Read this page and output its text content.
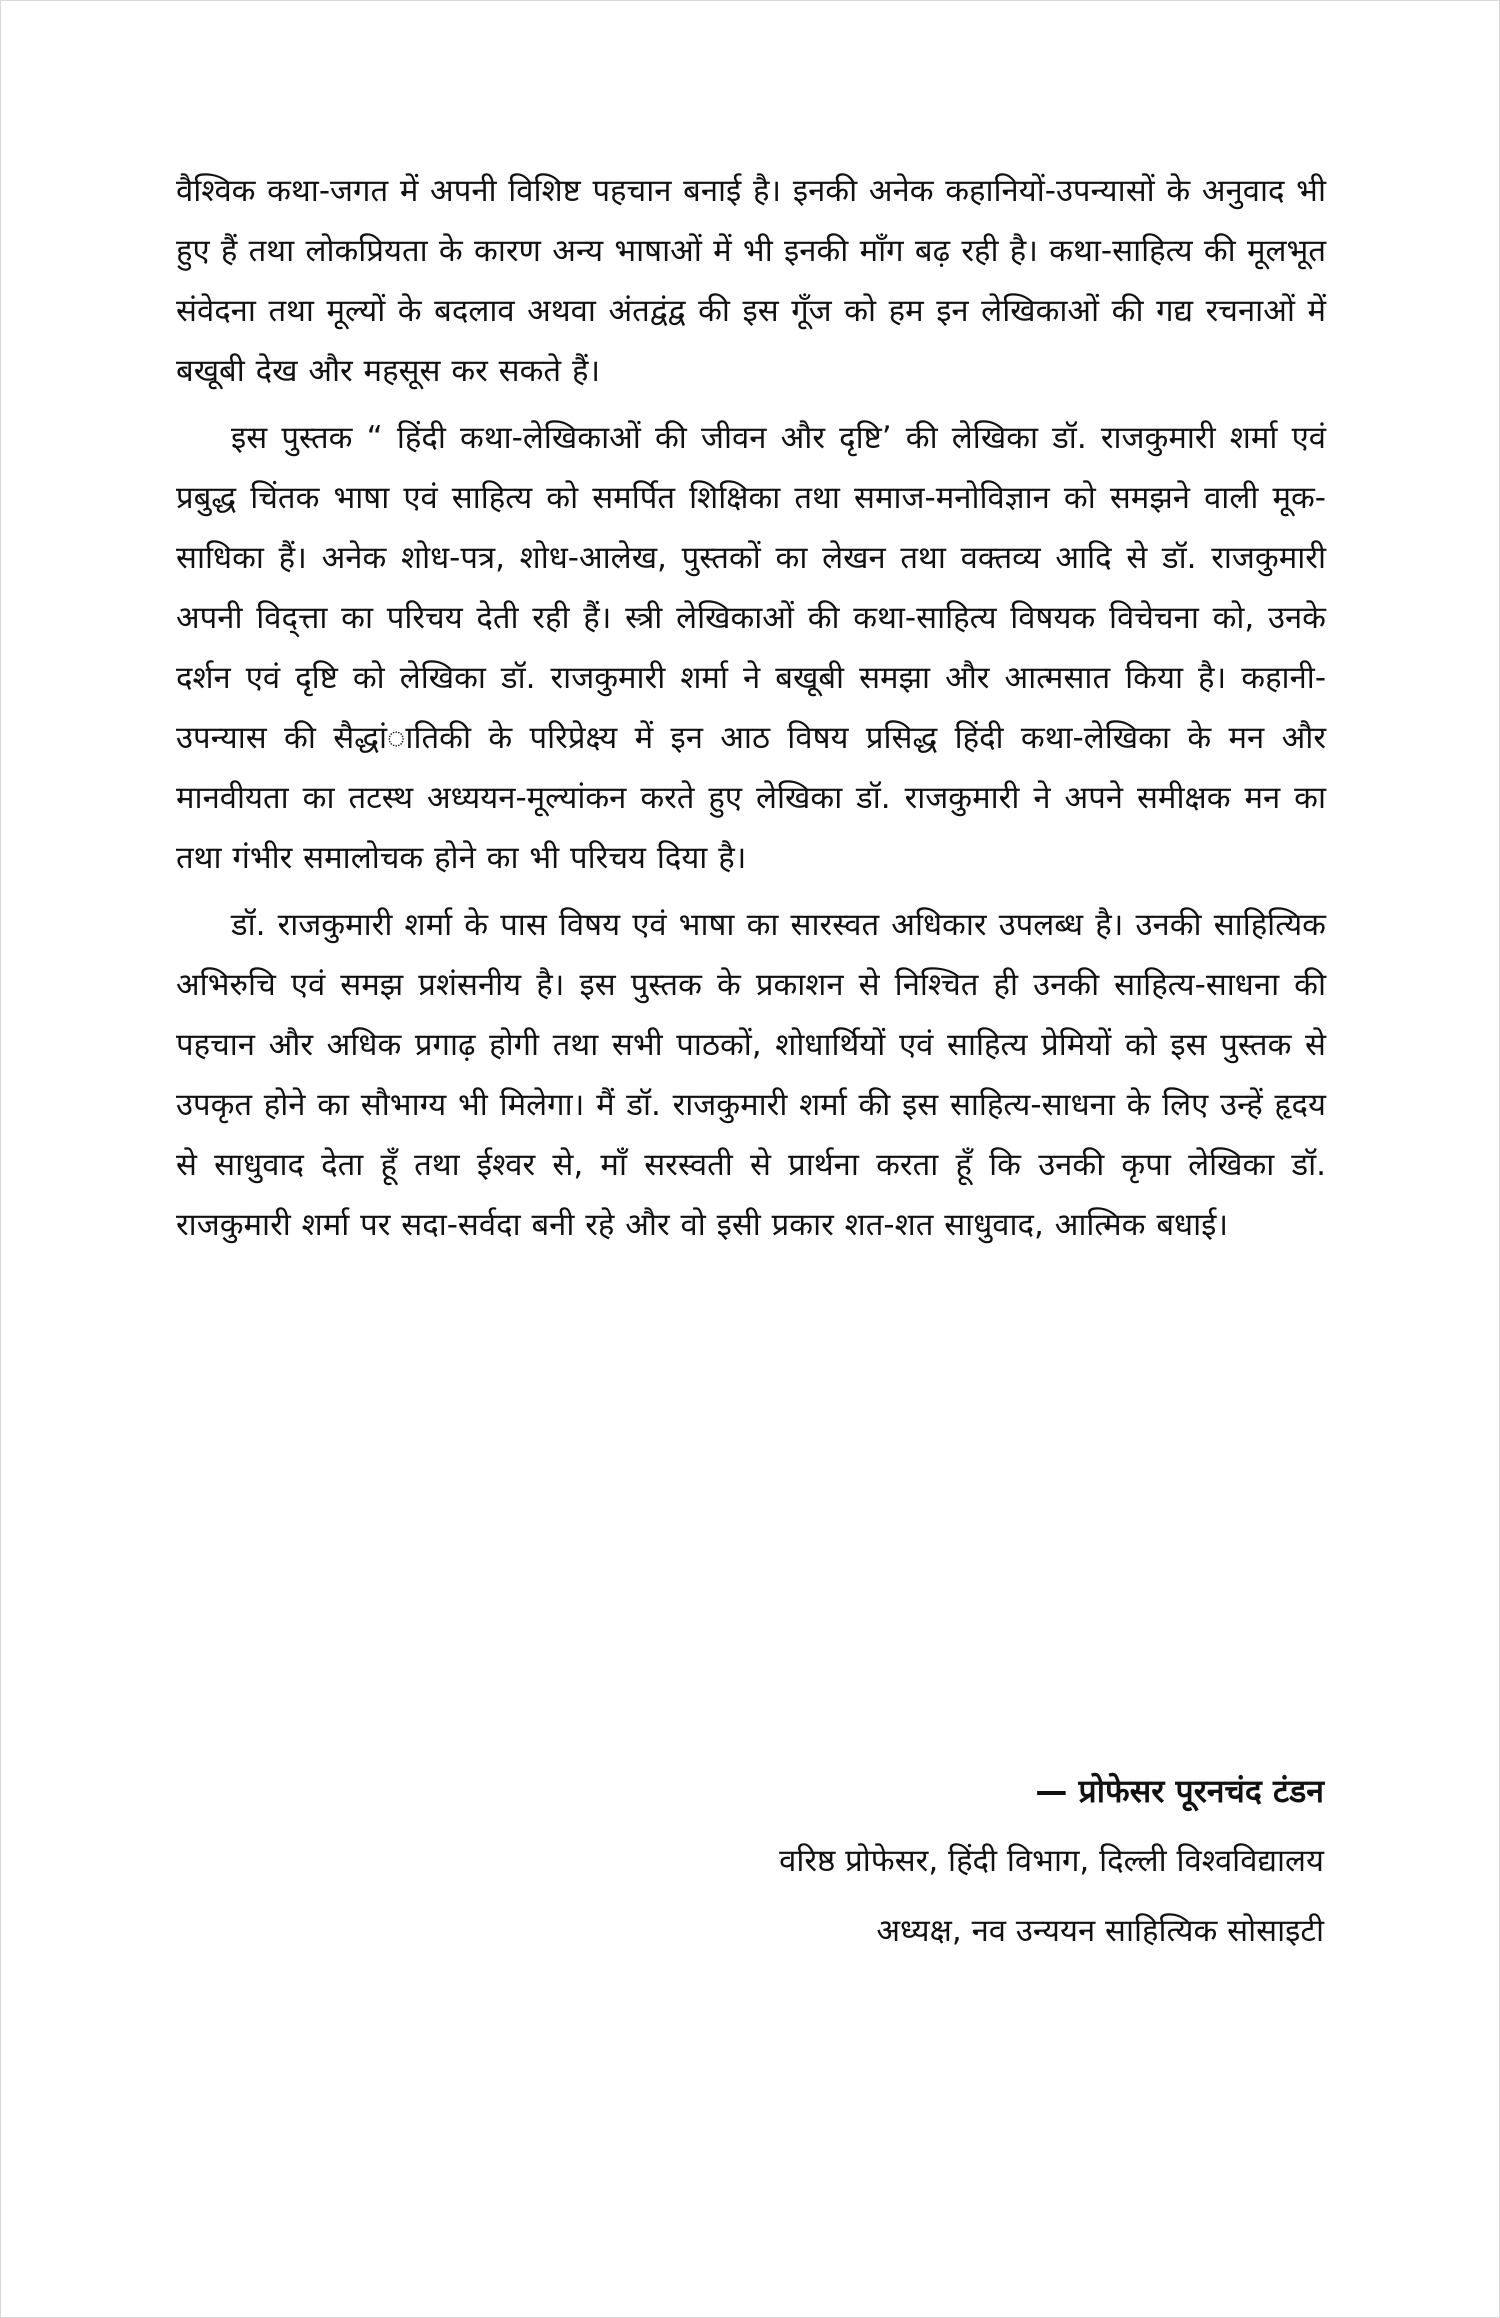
वैश्विक कथा-जगत में अपनी विशिष्ट पहचान बनाई है। इनकी अनेक कहानियों-उपन्यासों के अनुवाद भी हुए हैं तथा लोकप्रियता के कारण अन्य भाषाओं में भी इनकी माँग बढ़ रही है। कथा-साहित्य की मूलभूत संवेदना तथा मूल्यों के बदलाव अथवा अंतद्वंद्व की इस गूँज को हम इन लेखिकाओं की गद्य रचनाओं में बखूबी देख और महसूस कर सकते हैं।

इस पुस्तक “ हिंदी कथा-लेखिकाओं की जीवन और दृष्टि’ की लेखिका डॉ. राजकुमारी शर्मा एवं प्रबुद्ध चिंतक भाषा एवं साहित्य को समर्पित शिक्षिका तथा समाज-मनोविज्ञान को समझने वाली मूक-साधिका हैं। अनेक शोध-पत्र, शोध-आलेख, पुस्तकों का लेखन तथा वक्तव्य आदि से डॉ. राजकुमारी अपनी विद्त्ता का परिचय देती रही हैं। स्त्री लेखिकाओं की कथा-साहित्य विषयक विचेचना को, उनके दर्शन एवं दृष्टि को लेखिका डॉ. राजकुमारी शर्मा ने बखूबी समझा और आत्मसात किया है। कहानी-उपन्यास की सैद्धांातिकी के परिप्रेक्ष्य में इन आठ विषय प्रसिद्ध हिंदी कथा-लेखिका के मन और मानवीयता का तटस्थ अध्ययन-मूल्यांकन करते हुए लेखिका डॉ. राजकुमारी ने अपने समीक्षक मन का तथा गंभीर समालोचक होने का भी परिचय दिया है।

डॉ. राजकुमारी शर्मा के पास विषय एवं भाषा का सारस्वत अधिकार उपलब्ध है। उनकी साहित्यिक अभिरुचि एवं समझ प्रशंसनीय है। इस पुस्तक के प्रकाशन से निश्चित ही उनकी साहित्य-साधना की पहचान और अधिक प्रगाढ़ होगी तथा सभी पाठकों, शोधार्थियों एवं साहित्य प्रेमियों को इस पुस्तक से उपकृत होने का सौभाग्य भी मिलेगा। मैं डॉ. राजकुमारी शर्मा की इस साहित्य-साधना के लिए उन्हें हृदय से साधुवाद देता हूँ तथा ईश्वर से, माँ सरस्वती से प्रार्थना करता हूँ कि उनकी कृपा लेखिका डॉ. राजकुमारी शर्मा पर सदा-सर्वदा बनी रहे और वो इसी प्रकार शत-शत साधुवाद, आत्मिक बधाई।

— प्रोफेसर पूरनचंद टंडन
वरिष्ठ प्रोफेसर, हिंदी विभाग, दिल्ली विश्वविद्यालय
अध्यक्ष, नव उन्ययन साहित्यिक सोसाइटी
